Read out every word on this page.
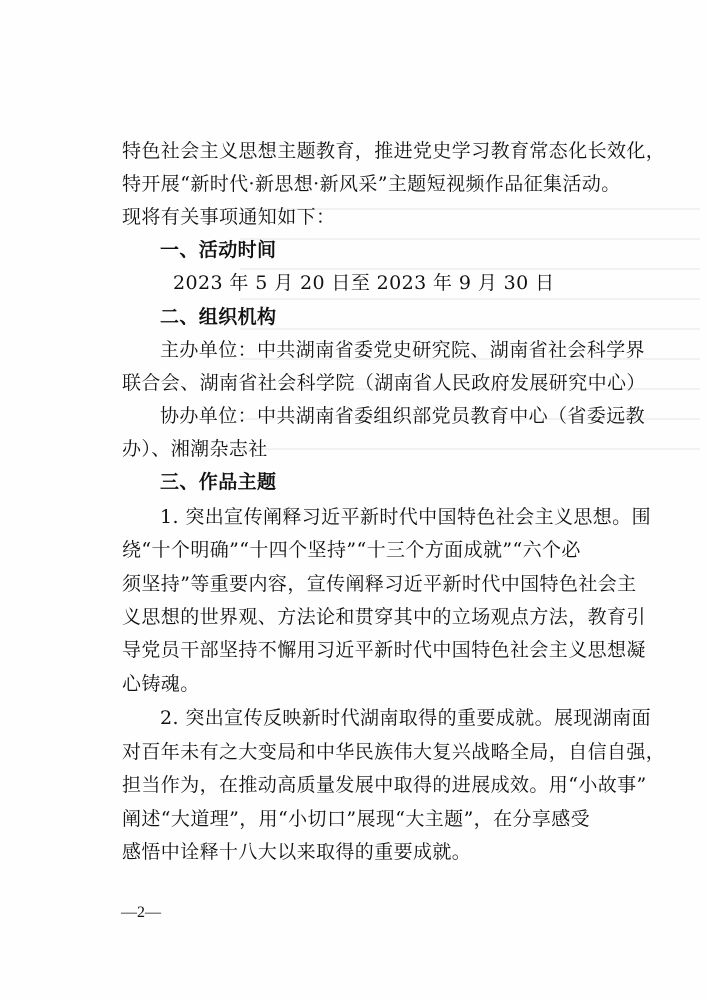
特色社会主义思想主题教育，推进党史学习教育常态化长效化，
特开展“新时代·新思想·新风采”主题短视频作品征集活动。
现将有关事项通知如下：
一、活动时间
2023 年 5 月 20 日至 2023 年 9 月 30 日
二、组织机构
主办单位：中共湖南省委党史研究院、湖南省社会科学界
联合会、湖南省社会科学院（湖南省人民政府发展研究中心）
协办单位：中共湖南省委组织部党员教育中心（省委远教
办）、湘潮杂志社
三、作品主题
1. 突出宣传阐释习近平新时代中国特色社会主义思想。围
绕“十个明确”“十四个坚持”“十三个方面成就”“六个必
须坚持”等重要内容，宣传阐释习近平新时代中国特色社会主
义思想的世界观、方法论和贯穿其中的立场观点方法，教育引
导党员干部坚持不懈用习近平新时代中国特色社会主义思想凝
心铸魂。
2. 突出宣传反映新时代湖南取得的重要成就。展现湖南面
对百年未有之大变局和中华民族伟大复兴战略全局，自信自强，
担当作为，在推动高质量发展中取得的进展成效。用“小故事”
阐述“大道理”，用“小切口”展现“大主题”，在分享感受
感悟中诠释十八大以来取得的重要成就。
—2—
